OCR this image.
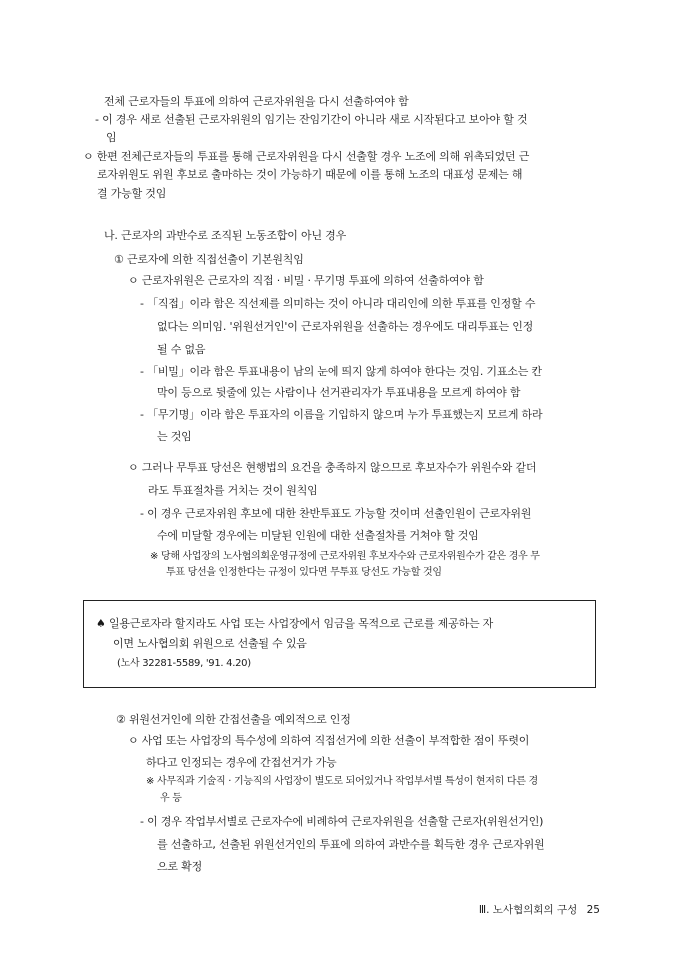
전체 근로자들의 투표에 의하여 근로자위원을 다시 선출하여야 함
- 이 경우 새로 선출된 근로자위원의 임기는 잔임기간이 아니라 새로 시작된다고 보아야 할 것
임
ㅇ 한편 전체근로자들의 투표를 통해 근로자위원을 다시 선출할 경우 노조에 의해 위촉되었던 근
로자위원도 위원 후보로 출마하는 것이 가능하기 때문에 이를 통해 노조의 대표성 문제는 해
결 가능할 것임
나. 근로자의 과반수로 조직된 노동조합이 아닌 경우
① 근로자에 의한 직접선출이 기본원칙임
ㅇ 근로자위원은 근로자의 직접 · 비밀 · 무기명 투표에 의하여 선출하여야 함
- 「직접」이라 함은 직선제를 의미하는 것이 아니라 대리인에 의한 투표를 인정할 수
없다는 의미임. '위원선거인'이 근로자위원을 선출하는 경우에도 대리투표는 인정
될 수 없음
- 「비밀」이라 함은 투표내용이 남의 눈에 띄지 않게 하여야 한다는 것임. 기표소는 칸
막이 등으로 뒷줄에 있는 사람이나 선거관리자가 투표내용을 모르게 하여야 함
- 「무기명」이라 함은 투표자의 이름을 기입하지 않으며 누가 투표했는지 모르게 하라
는 것임
ㅇ 그러나 무투표 당선은 현행법의 요건을 충족하지 않으므로 후보자수가 위원수와 같더
라도 투표절차를 거치는 것이 원칙임
- 이 경우 근로자위원 후보에 대한 찬반투표도 가능할 것이며 선출인원이 근로자위원
수에 미달할 경우에는 미달된 인원에 대한 선출절차를 거쳐야 할 것임
※ 당해 사업장의 노사협의회운영규정에 근로자위원 후보자수와 근로자위원수가 같은 경우 무
투표 당선을 인정한다는 규정이 있다면 무투표 당선도 가능할 것임
♠ 일용근로자라 할지라도 사업 또는 사업장에서 임금을 목적으로 근로를 제공하는 자
이면 노사협의회 위원으로 선출될 수 있음
(노사 32281-5589, '91. 4.20)
② 위원선거인에 의한 간접선출을 예외적으로 인정
ㅇ 사업 또는 사업장의 특수성에 의하여 직접선거에 의한 선출이 부적합한 점이 뚜렷이
하다고 인정되는 경우에 간접선거가 가능
※ 사무직과 기술직 · 기능직의 사업장이 별도로 되어있거나 작업부서별 특성이 현저히 다른 경
우 등
- 이 경우 작업부서별로 근로자수에 비례하여 근로자위원을 선출할 근로자(위원선거인)
를 선출하고, 선출된 위원선거인의 투표에 의하여 과반수를 획득한 경우 근로자위원
으로 확정
Ⅲ. 노사협의회의 구성 25
